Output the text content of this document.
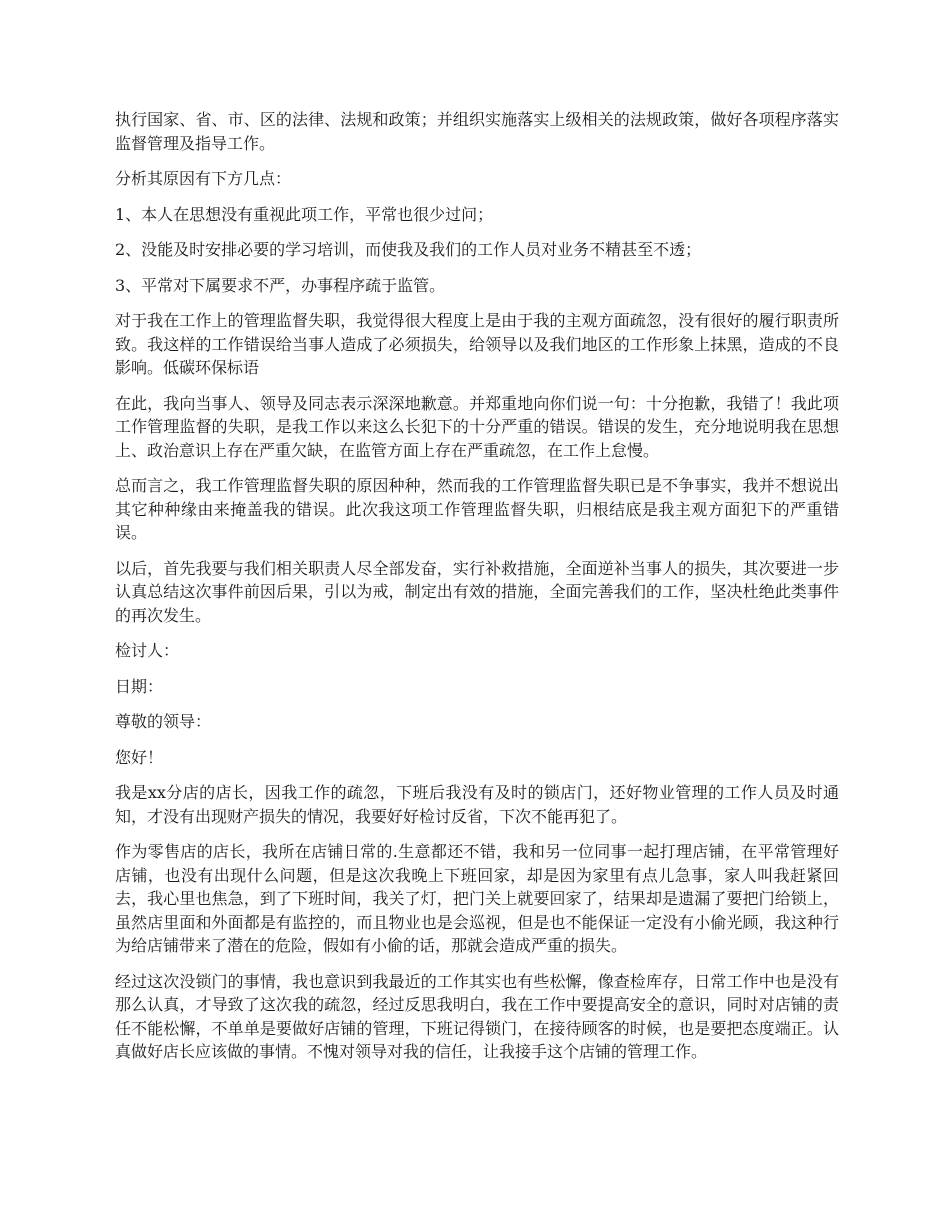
执行国家、省、市、区的法律、法规和政策；并组织实施落实上级相关的法规政策，做好各项程序落实监督管理及指导工作。

分析其原因有下方几点：

1、本人在思想没有重视此项工作，平常也很少过问；

2、没能及时安排必要的学习培训，而使我及我们的工作人员对业务不精甚至不透；

3、平常对下属要求不严，办事程序疏于监管。

对于我在工作上的管理监督失职，我觉得很大程度上是由于我的主观方面疏忽，没有很好的履行职责所致。我这样的工作错误给当事人造成了必须损失，给领导以及我们地区的工作形象上抹黑，造成的不良影响。低碳环保标语

在此，我向当事人、领导及同志表示深深地歉意。并郑重地向你们说一句：十分抱歉，我错了！我此项工作管理监督的失职，是我工作以来这么长犯下的十分严重的错误。错误的发生，充分地说明我在思想上、政治意识上存在严重欠缺，在监管方面上存在严重疏忽，在工作上怠慢。

总而言之，我工作管理监督失职的原因种种，然而我的工作管理监督失职已是不争事实，我并不想说出其它种种缘由来掩盖我的错误。此次我这项工作管理监督失职，归根结底是我主观方面犯下的严重错误。

以后，首先我要与我们相关职责人尽全部发奋，实行补救措施，全面逆补当事人的损失，其次要进一步认真总结这次事件前因后果，引以为戒，制定出有效的措施，全面完善我们的工作，坚决杜绝此类事件的再次发生。

检讨人：

日期：

尊敬的领导：

您好！

我是xx分店的店长，因我工作的疏忽，下班后我没有及时的锁店门，还好物业管理的工作人员及时通知，才没有出现财产损失的情况，我要好好检讨反省，下次不能再犯了。

作为零售店的店长，我所在店铺日常的.生意都还不错，我和另一位同事一起打理店铺，在平常管理好店铺，也没有出现什么问题，但是这次我晚上下班回家，却是因为家里有点儿急事，家人叫我赶紧回去，我心里也焦急，到了下班时间，我关了灯，把门关上就要回家了，结果却是遗漏了要把门给锁上，虽然店里面和外面都是有监控的，而且物业也是会巡视，但是也不能保证一定没有小偷光顾，我这种行为给店铺带来了潜在的危险，假如有小偷的话，那就会造成严重的损失。

经过这次没锁门的事情，我也意识到我最近的工作其实也有些松懈，像查检库存，日常工作中也是没有那么认真，才导致了这次我的疏忽，经过反思我明白，我在工作中要提高安全的意识，同时对店铺的责任不能松懈，不单单是要做好店铺的管理，下班记得锁门，在接待顾客的时候，也是要把态度端正。认真做好店长应该做的事情。不愧对领导对我的信任，让我接手这个店铺的管理工作。
